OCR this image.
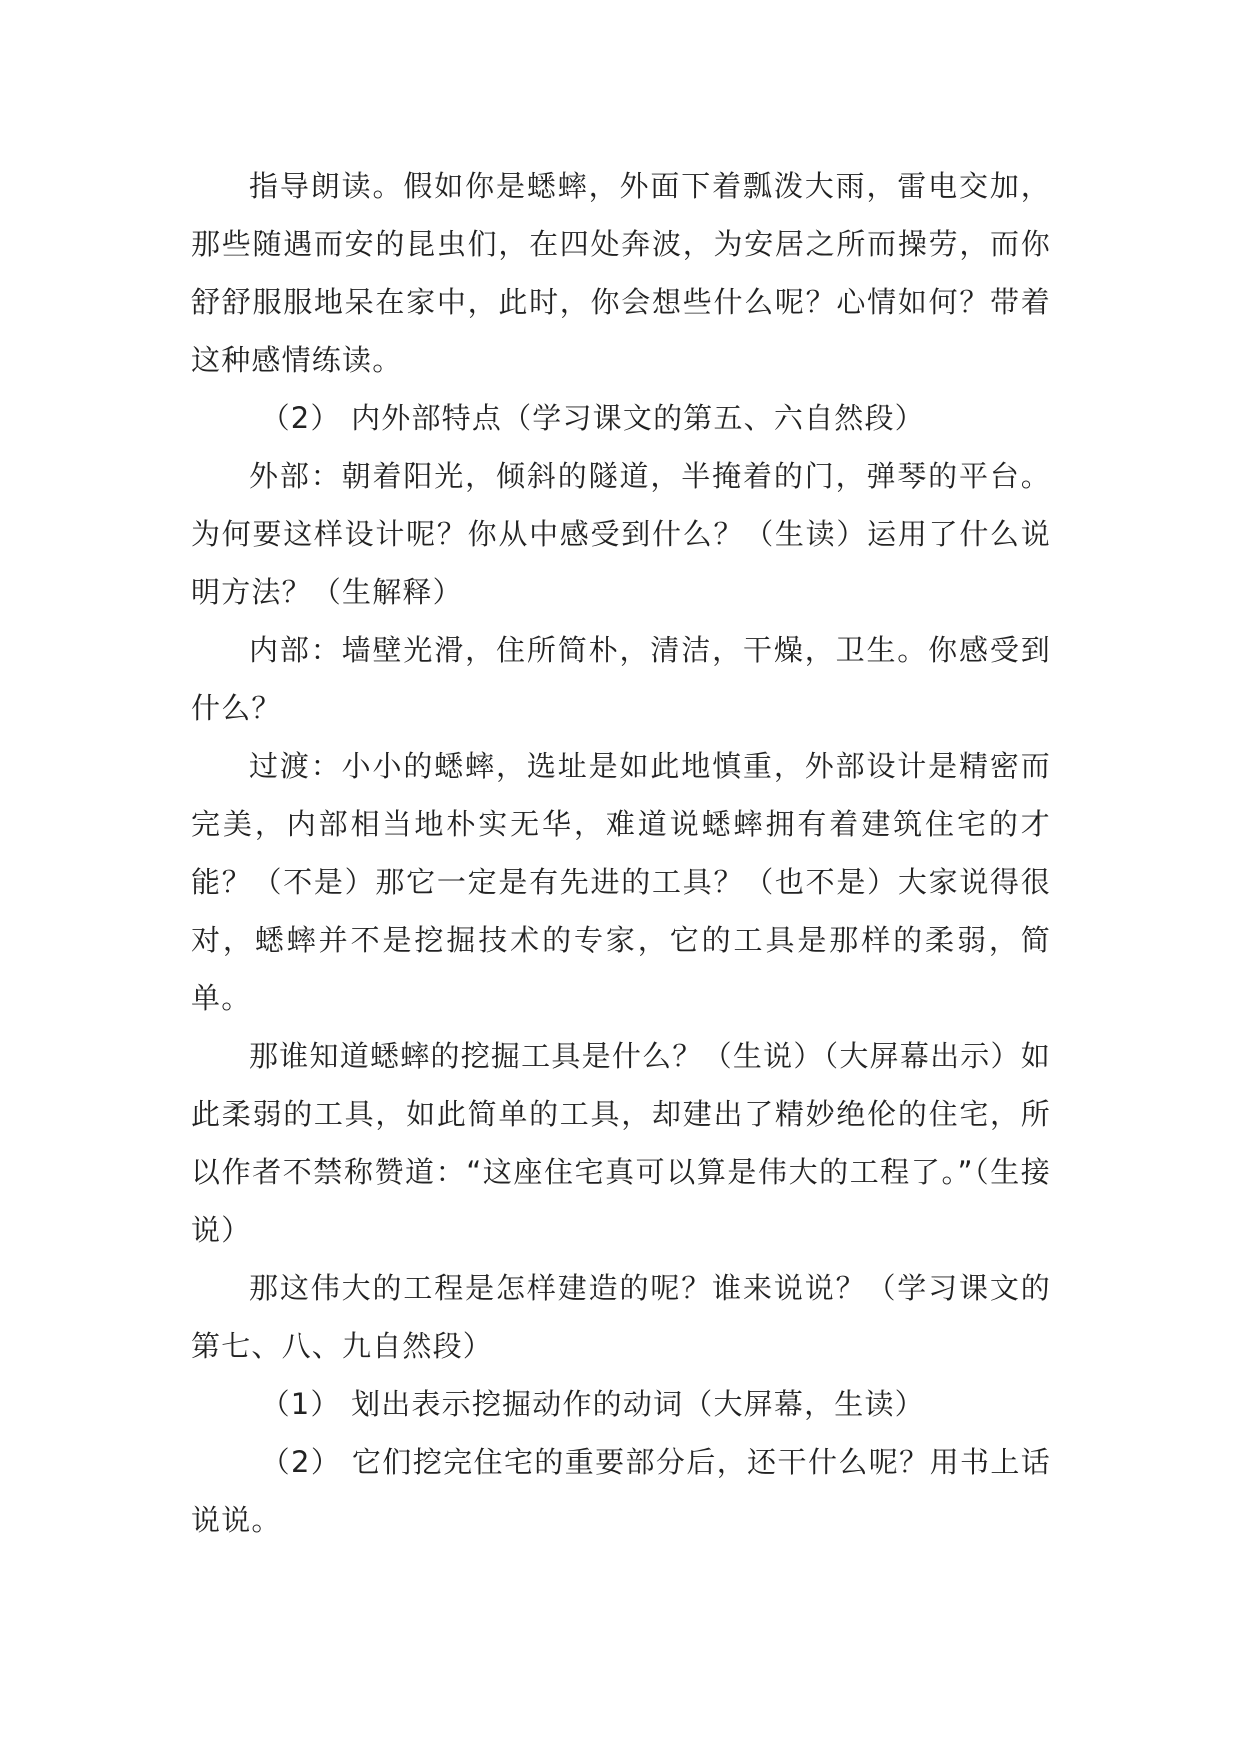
指导朗读。假如你是蟋蟀，外面下着瓢泼大雨，雷电交加，那些随遇而安的昆虫们，在四处奔波，为安居之所而操劳，而你舒舒服服地呆在家中，此时，你会想些什么呢？心情如何？带着这种感情练读。

（2） 内外部特点（学习课文的第五、六自然段）

外部：朝着阳光，倾斜的隧道，半掩着的门，弹琴的平台。为何要这样设计呢？你从中感受到什么？（生读）运用了什么说明方法？（生解释）

内部：墙壁光滑，住所简朴，清洁，干燥，卫生。你感受到什么？

过渡：小小的蟋蟀，选址是如此地慎重，外部设计是精密而完美，内部相当地朴实无华，难道说蟋蟀拥有着建筑住宅的才能？（不是）那它一定是有先进的工具？（也不是）大家说得很对，蟋蟀并不是挖掘技术的专家，它的工具是那样的柔弱，简单。

那谁知道蟋蟀的挖掘工具是什么？（生说）（大屏幕出示）如此柔弱的工具，如此简单的工具，却建出了精妙绝伦的住宅，所以作者不禁称赞道：“这座住宅真可以算是伟大的工程了。”（生接说）

那这伟大的工程是怎样建造的呢？谁来说说？（学习课文的第七、八、九自然段）

（1） 划出表示挖掘动作的动词（大屏幕，生读）

（2） 它们挖完住宅的重要部分后，还干什么呢？用书上话说说。
